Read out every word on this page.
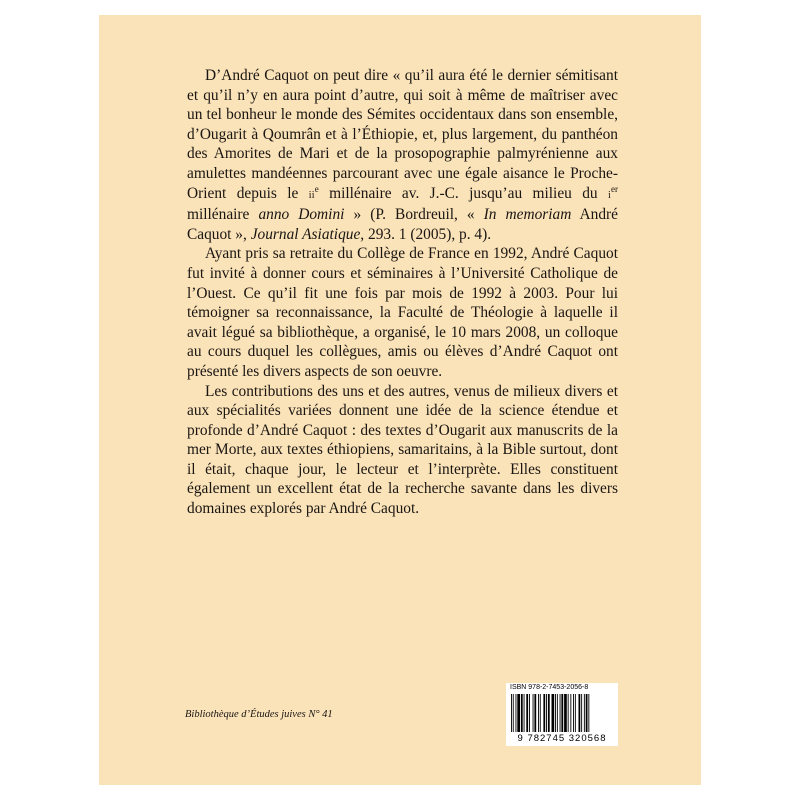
D’André Caquot on peut dire « qu’il aura été le dernier sémitisant et qu’il n’y en aura point d’autre, qui soit à même de maîtriser avec un tel bonheur le monde des Sémites occidentaux dans son ensemble, d’Ougarit à Qoumrân et à l’Éthiopie, et, plus largement, du panthéon des Amorites de Mari et de la prosopographie palmyrénienne aux amulettes mandéennes parcourant avec une égale aisance le Proche-Orient depuis le $ii^e$ millénaire av. J.-C. jusqu’au milieu du $i^{er}$ millénaire anno Domini » (P. Bordreuil, « In memoriam André Caquot », Journal Asiatique, 293. 1 (2005), p. 4).

Ayant pris sa retraite du Collège de France en 1992, André Caquot fut invité à donner cours et séminaires à l’Université Catholique de l’Ouest. Ce qu’il fit une fois par mois de 1992 à 2003. Pour lui témoigner sa reconnaissance, la Faculté de Théologie à laquelle il avait légué sa bibliothèque, a organisé, le 10 mars 2008, un colloque au cours duquel les collègues, amis ou élèves d’André Caquot ont présenté les divers aspects de son oeuvre.

Les contributions des uns et des autres, venus de milieux divers et aux spécialités variées donnent une idée de la science étendue et profonde d’André Caquot : des textes d’Ougarit aux manuscrits de la mer Morte, aux textes éthiopiens, samaritains, à la Bible surtout, dont il était, chaque jour, le lecteur et l’interprète. Elles constituent également un excellent état de la recherche savante dans les divers domaines explorés par André Caquot.

Bibliothèque d’Études juives N° 41
ISBN 978-2-7453-2056-8
9 782745 320568
